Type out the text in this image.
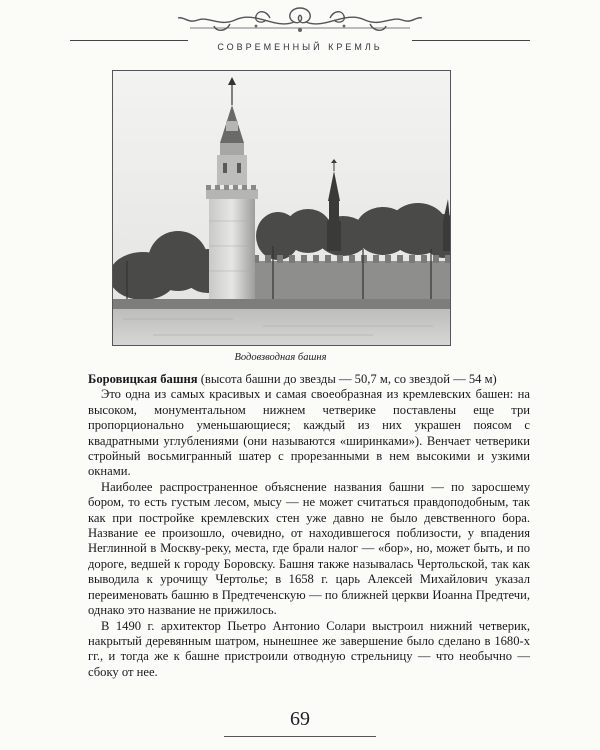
СОВРЕМЕННЫЙ КРЕМЛЬ
Водовзводная башня

Боровицкая башня (высота башни до звезды — 50,7 м, со звездой — 54 м)

Это одна из самых красивых и самая своеобразная из кремлевских башен: на высоком, монументальном нижнем четверике поставлены еще три пропорционально уменьшающиеся; каждый из них украшен поясом с квадратными углублениями (они называются «ширинками»). Венчает четверики стройный восьмигранный шатер с прорезанными в нем высокими и узкими окнами.

Наиболее распространенное объяснение названия башни — по заросшему бором, то есть густым лесом, мысу — не может считаться правдоподобным, так как при постройке кремлевских стен уже давно не было девственного бора. Название ее произошло, очевидно, от находившегося поблизости, у впадения Неглинной в Москву-реку, места, где брали налог — «бор», но, может быть, и по дороге, ведшей к городу Боровску. Башня также называлась Чертольской, так как выводила к урочищу Чертолье; в 1658 г. царь Алексей Михайлович указал переименовать башню в Предтеченскую — по ближней церкви Иоанна Предтечи, однако это название не прижилось.

В 1490 г. архитектор Пьетро Антонио Солари выстроил нижний четверик, накрытый деревянным шатром, нынешнее же завершение было сделано в 1680-х гг., и тогда же к башне пристроили отводную стрельницу — что необычно — сбоку от нее.

69
